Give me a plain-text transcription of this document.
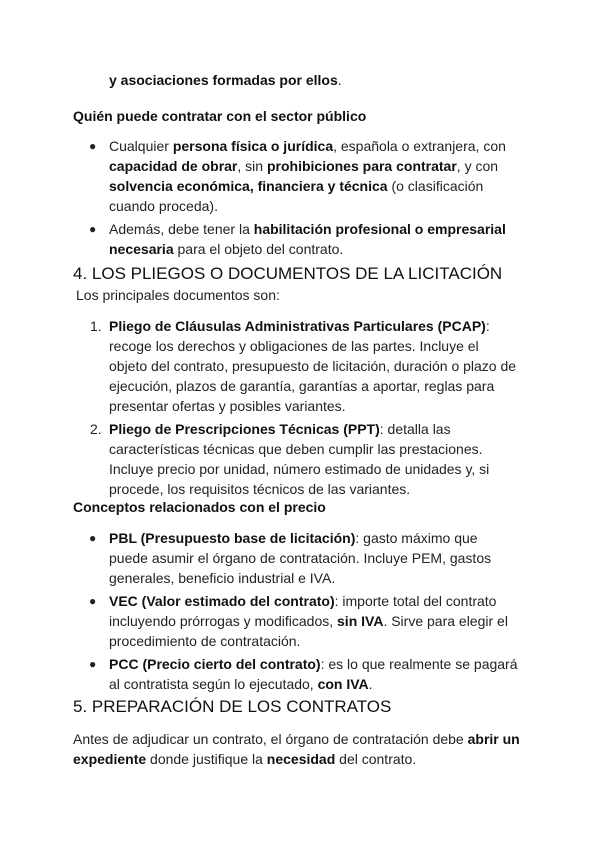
y asociaciones formadas por ellos.

Quién puede contratar con el sector público

● Cualquier persona física o jurídica, española o extranjera, con capacidad de obrar, sin prohibiciones para contratar, y con solvencia económica, financiera y técnica (o clasificación cuando proceda).
● Además, debe tener la habilitación profesional o empresarial necesaria para el objeto del contrato.

4. LOS PLIEGOS O DOCUMENTOS DE LA LICITACIÓN

Los principales documentos son:

1. Pliego de Cláusulas Administrativas Particulares (PCAP): recoge los derechos y obligaciones de las partes. Incluye el objeto del contrato, presupuesto de licitación, duración o plazo de ejecución, plazos de garantía, garantías a aportar, reglas para presentar ofertas y posibles variantes.
2. Pliego de Prescripciones Técnicas (PPT): detalla las características técnicas que deben cumplir las prestaciones. Incluye precio por unidad, número estimado de unidades y, si procede, los requisitos técnicos de las variantes.

Conceptos relacionados con el precio

● PBL (Presupuesto base de licitación): gasto máximo que puede asumir el órgano de contratación. Incluye PEM, gastos generales, beneficio industrial e IVA.
● VEC (Valor estimado del contrato): importe total del contrato incluyendo prórrogas y modificados, sin IVA. Sirve para elegir el procedimiento de contratación.
● PCC (Precio cierto del contrato): es lo que realmente se pagará al contratista según lo ejecutado, con IVA.

5. PREPARACIÓN DE LOS CONTRATOS

Antes de adjudicar un contrato, el órgano de contratación debe abrir un expediente donde justifique la necesidad del contrato.
